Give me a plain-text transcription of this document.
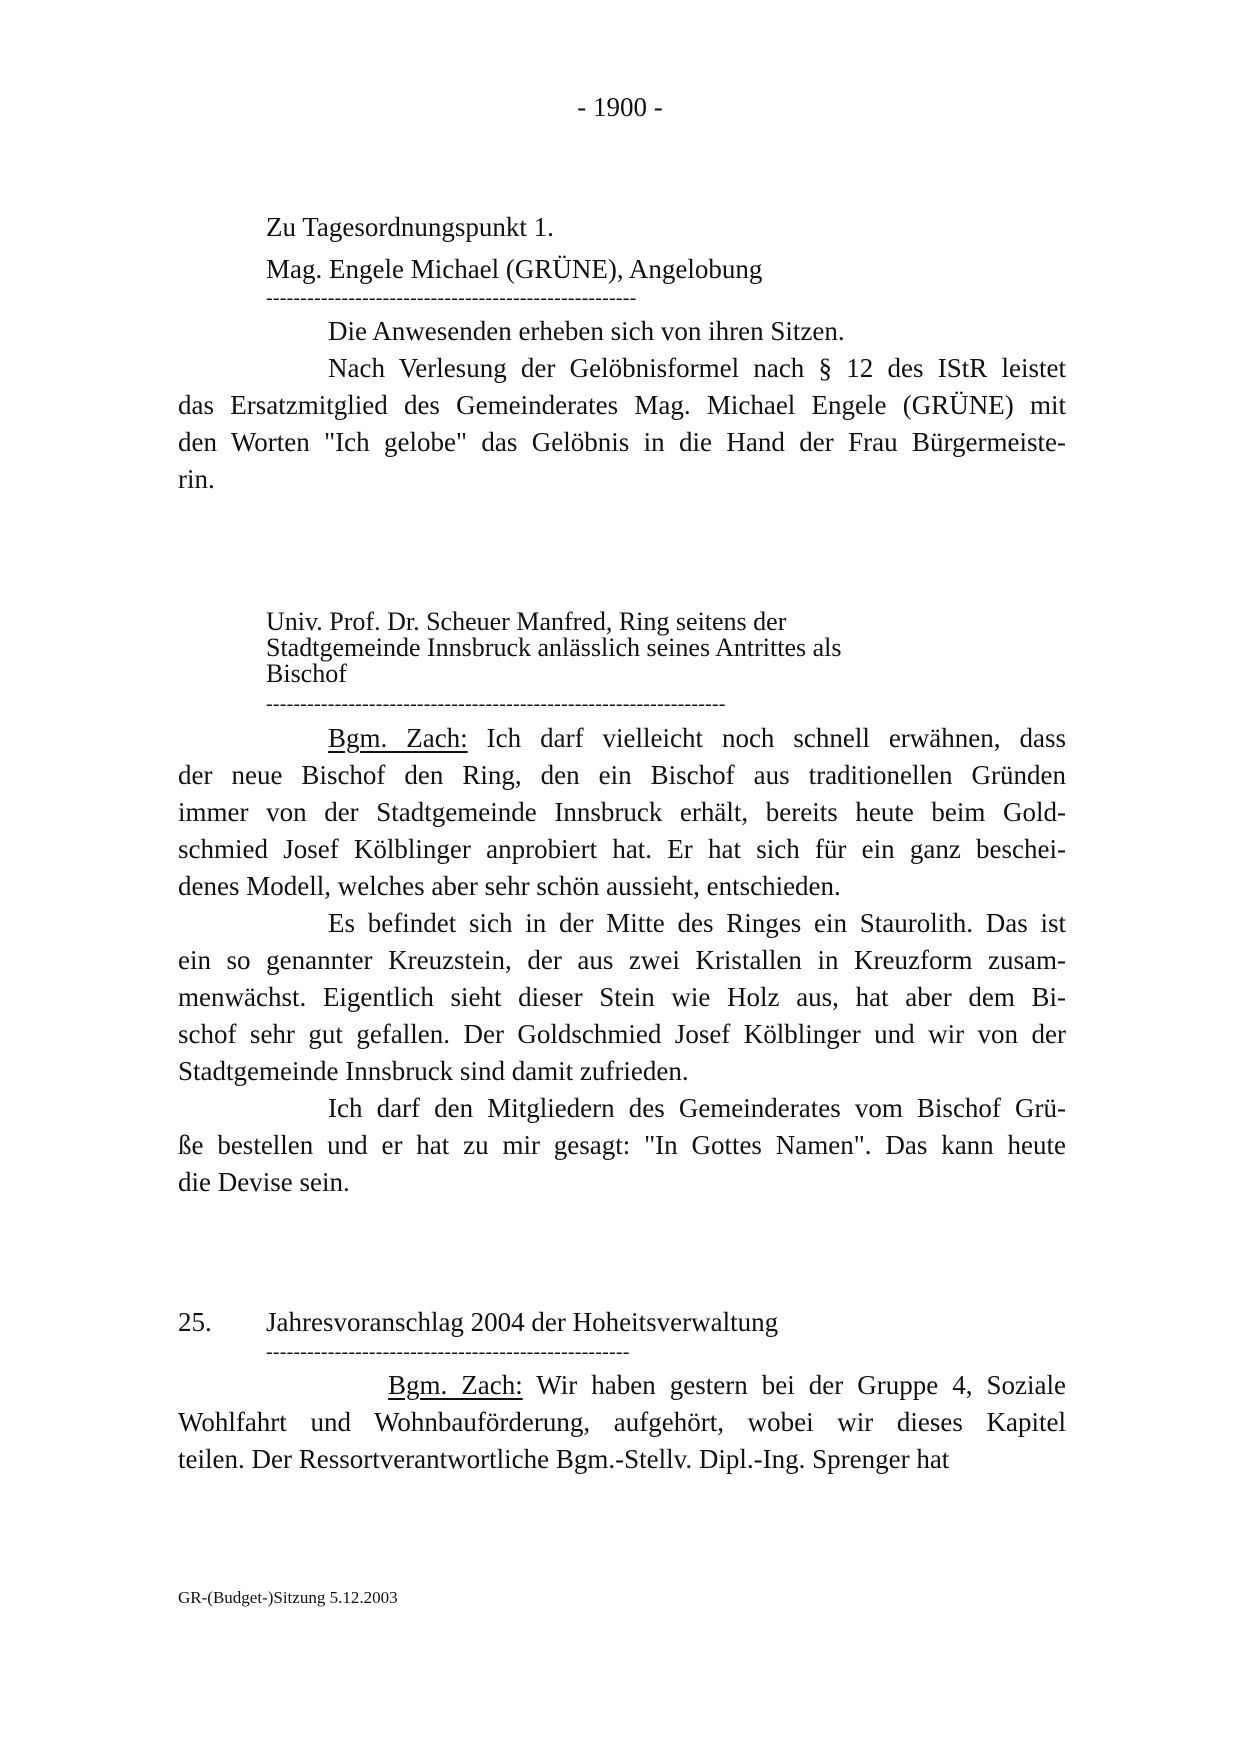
- 1900 -
Zu Tagesordnungspunkt 1.
Mag. Engele Michael (GRÜNE), Angelobung
------------------------------------------------------
Die Anwesenden erheben sich von ihren Sitzen.
Nach Verlesung der Gelöbnisformel nach § 12 des IStR leistet
das Ersatzmitglied des Gemeinderates Mag. Michael Engele (GRÜNE) mit
den Worten "Ich gelobe" das Gelöbnis in die Hand der Frau Bürgermeiste-
rin.
Univ. Prof. Dr. Scheuer Manfred, Ring seitens der
Stadtgemeinde Innsbruck anlässlich seines Antrittes als
Bischof
-------------------------------------------------------------------
Bgm. Zach: Ich darf vielleicht noch schnell erwähnen, dass
der neue Bischof den Ring, den ein Bischof aus traditionellen Gründen
immer von der Stadtgemeinde Innsbruck erhält, bereits heute beim Gold-
schmied Josef Kölblinger anprobiert hat. Er hat sich für ein ganz beschei-
denes Modell, welches aber sehr schön aussieht, entschieden.
Es befindet sich in der Mitte des Ringes ein Staurolith. Das ist
ein so genannter Kreuzstein, der aus zwei Kristallen in Kreuzform zusam-
menwächst. Eigentlich sieht dieser Stein wie Holz aus, hat aber dem Bi-
schof sehr gut gefallen. Der Goldschmied Josef Kölblinger und wir von der
Stadtgemeinde Innsbruck sind damit zufrieden.
Ich darf den Mitgliedern des Gemeinderates vom Bischof Grü-
ße bestellen und er hat zu mir gesagt: "In Gottes Namen". Das kann heute
die Devise sein.
25. Jahresvoranschlag 2004 der Hoheitsverwaltung
-----------------------------------------------------
Bgm. Zach: Wir haben gestern bei der Gruppe 4, Soziale
Wohlfahrt und Wohnbauförderung, aufgehört, wobei wir dieses Kapitel
teilen. Der Ressortverantwortliche Bgm.-Stellv. Dipl.-Ing. Sprenger hat
GR-(Budget-)Sitzung 5.12.2003
